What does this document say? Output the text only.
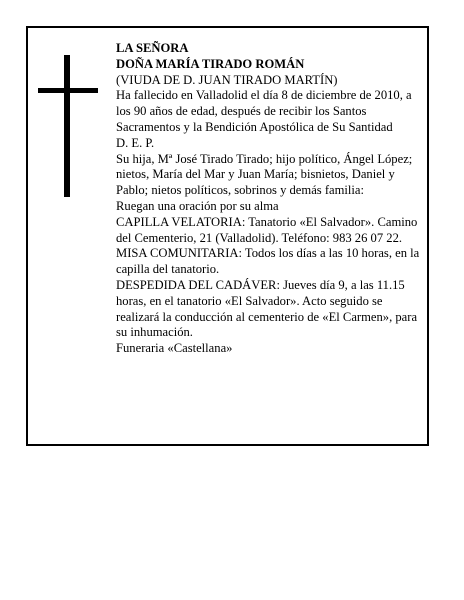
LA SEÑORA

DOÑA MARÍA TIRADO ROMÁN

(VIUDA DE D. JUAN TIRADO MARTÍN)

Ha fallecido en Valladolid el día 8 de diciembre de 2010, a los 90 años de edad, después de recibir los Santos Sacramentos y la Bendición Apostólica de Su Santidad

D. E. P.

Su hija, Mª José Tirado Tirado; hijo político, Ángel López; nietos, María del Mar y Juan María; bisnietos, Daniel y Pablo; nietos políticos, sobrinos y demás familia:

Ruegan una oración por su alma

CAPILLA VELATORIA: Tanatorio «El Salvador». Camino del Cementerio, 21 (Valladolid). Teléfono: 983 26 07 22.

MISA COMUNITARIA: Todos los días a las 10 horas, en la capilla del tanatorio.

DESPEDIDA DEL CADÁVER: Jueves día 9, a las 11.15 horas, en el tanatorio «El Salvador». Acto seguido se realizará la conducción al cementerio de «El Carmen», para su inhumación.

Funeraria «Castellana»
